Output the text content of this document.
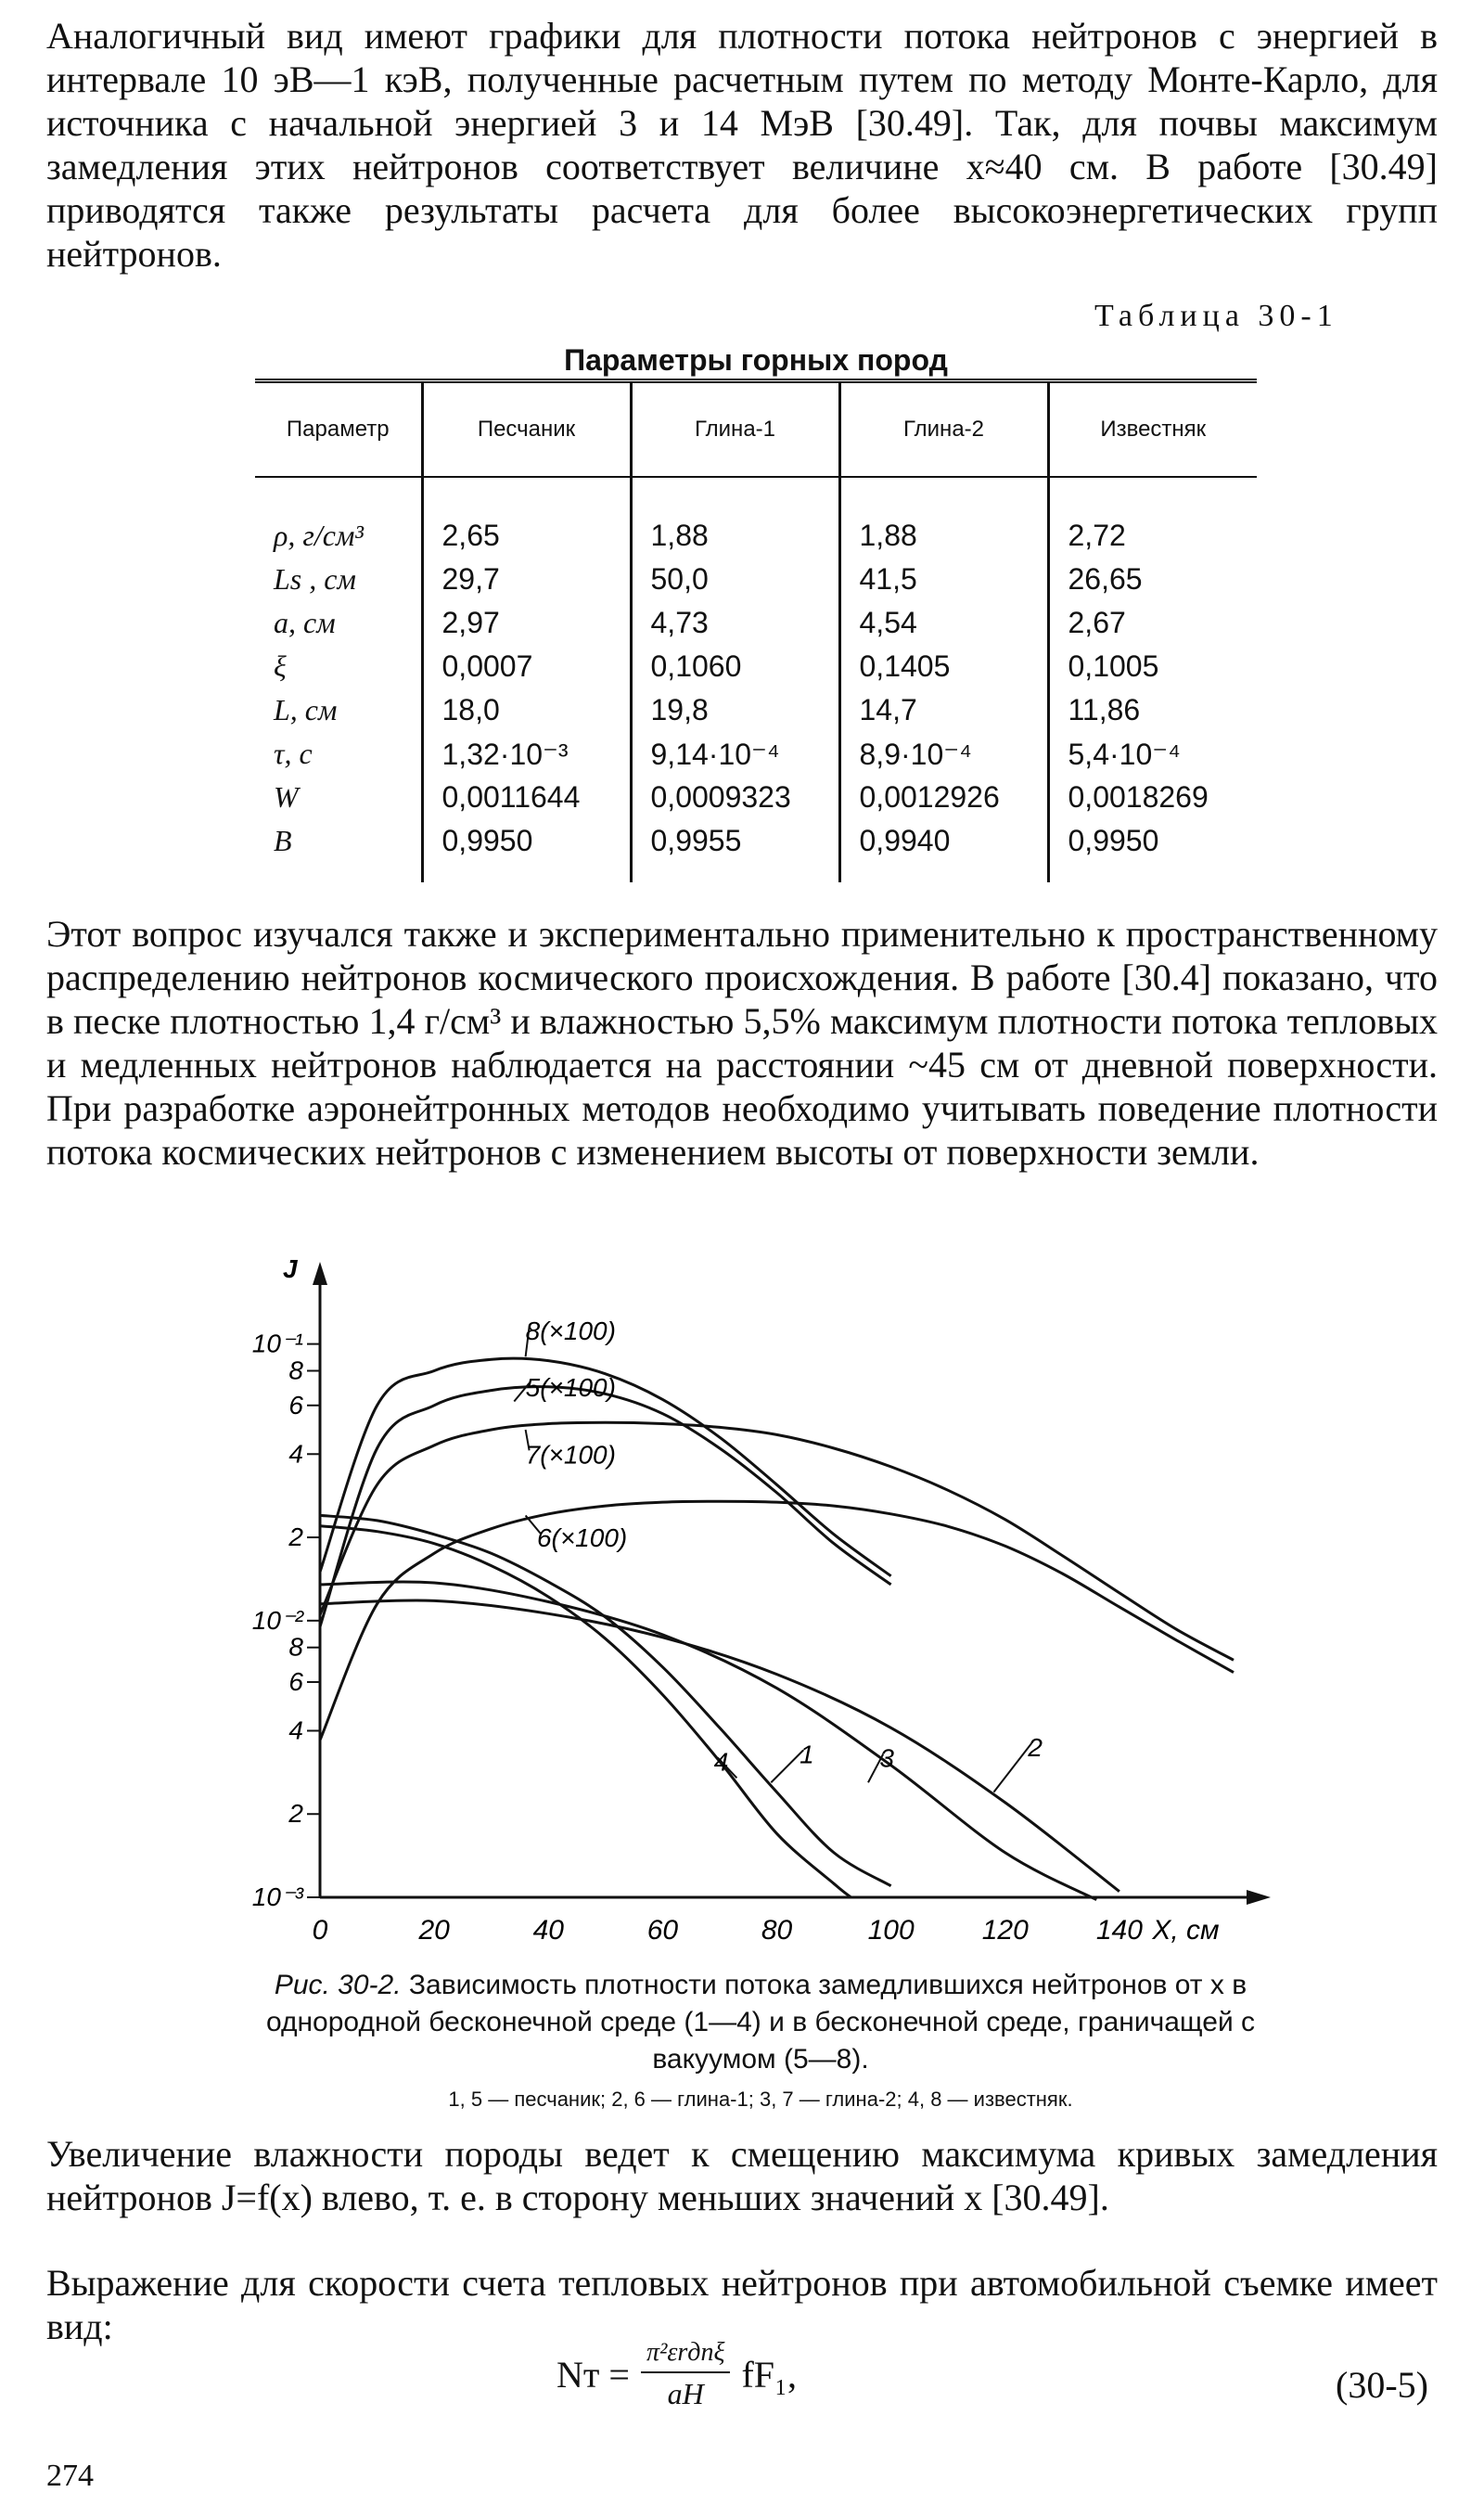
Аналогичный вид имеют графики для плотности потока нейтронов с энергией в интервале 10 эВ—1 кэВ, полученные расчетным путем по методу Монте-Карло, для источника с начальной энергией 3 и 14 МэВ [30.49]. Так, для почвы максимум замедления этих нейтронов соответствует величине x≈40 см. В работе [30.49] приводятся также результаты расчета для более высокоэнергетических групп нейтронов.

Таблица 30-1
Параметры горных пород
Параметр	Песчаник	Глина-1	Глина-2	Известняк
ρ, г/см³	2,65	1,88	1,88	2,72
Ls , см	29,7	50,0	41,5	26,65
a, см	2,97	4,73	4,54	2,67
ξ	0,0007	0,1060	0,1405	0,1005
L, см	18,0	19,8	14,7	11,86
τ, с	1,32·10⁻³	9,14·10⁻⁴	8,9·10⁻⁴	5,4·10⁻⁴
W	0,0011644	0,0009323	0,0012926	0,0018269
B	0,9950	0,9955	0,9940	0,9950

Этот вопрос изучался также и экспериментально применительно к пространственному распределению нейтронов космического происхождения. В работе [30.4] показано, что в песке плотностью 1,4 г/см³ и влажностью 5,5% максимум плотности потока тепловых и медленных нейтронов наблюдается на расстоянии ~45 см от дневной поверхности. При разработке аэронейтронных методов необходимо учитывать поведение плотности потока космических нейтронов с изменением высоты от поверхности земли.

J
10⁻¹
8
6
4
2
10⁻²
8
6
4
2
10⁻³
0	20	40	60	80	100 120 140 X, см
1	2
3
4
5(×100)
6(×100)
7(×100)
8(×100)
Рис. 30-2. Зависимость плотности потока замедлившихся нейтронов от x в однородной бесконечной среде (1—4) и в бесконечной среде, граничащей с вакуумом (5—8).
1, 5 — песчаник; 2, 6 — глина-1; 3, 7 — глина-2; 4, 8 — известняк.

Увеличение влажности породы ведет к смещению максимума кривых замедления нейтронов J=f(x) влево, т. е. в сторону меньших значений x [30.49].

Выражение для скорости счета тепловых нейтронов при автомобильной съемке имеет вид:

Nт = $\frac{\text{π²εrдnξ}}{aH} fF_1$,	(30-5)
274
